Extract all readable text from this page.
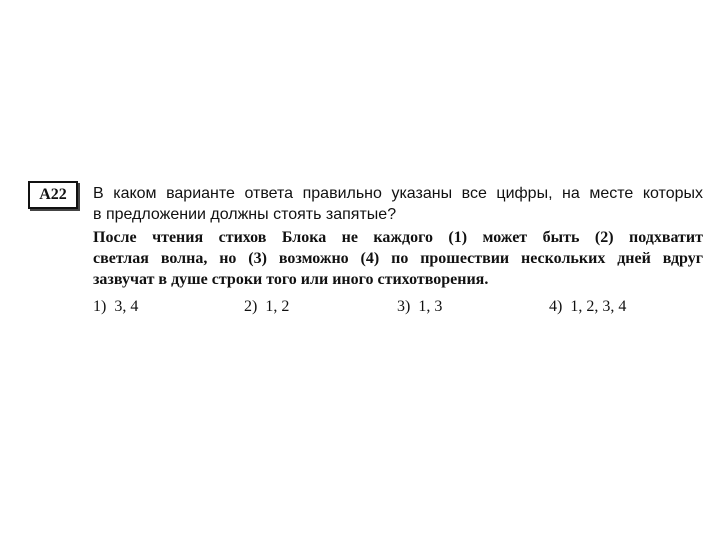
A22	В каком варианте ответа правильно указаны все цифры, на месте которых
в предложении должны стоять запятые?
После чтения стихов Блока не каждого (1) может быть (2) подхватит
светлая волна, но (3) возможно (4) по прошествии нескольких дней вдруг
зазвучат в душе строки того или иного стихотворения.
1) 3, 4	2) 1, 2	3) 1, 3	4) 1, 2, 3, 4
